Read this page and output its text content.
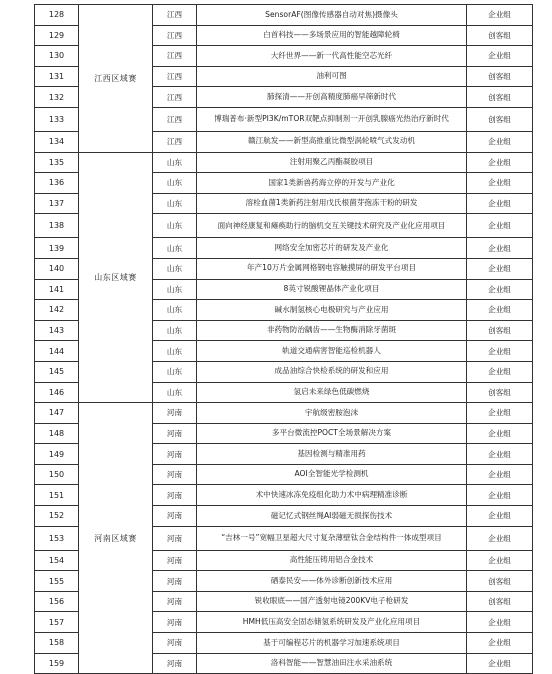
128	江西区域赛	江西	SensorAF(图像传感器自动对焦)摄像头	企业组
129		江西	白首科技——多场景应用的智能越障轮椅	创客组
130		江西	大纤世界——新一代高性能空芯光纤	企业组
131		江西	油利可图	创客组
132		江西	肺探清——开创高精度肺癌早筛新时代	创客组
133		江西	博瑞普布·新型PI3K/mTOR双靶点抑制剂一开创乳腺癌光热治疗新时代	创客组
134		江西	赣江航发——新型高推重比微型涡轮喷气式发动机	企业组
135	山东区域赛	山东	注射用聚乙丙酯凝胶项目	企业组
136		山东	国家1类新兽药海立停的开发与产业化	企业组
137		山东	溶栓血菌1类新药注射用戊氏根菌芽孢冻干粉的研发	企业组
138		山东	面向神经康复和瘫痪助行的脑机交互关键技术研究及产业化应用项目	企业组
139		山东	网络安全加密芯片的研发及产业化	企业组
140		山东	年产10万片金属网格钢电容触摸屏的研发平台项目	企业组
141		山东	8英寸锐酸锂晶体产业化项目	企业组
142		山东	碱水制氢核心电极研究与产业应用	企业组
143		山东	非药物防治龋齿——生物酶消除牙菌斑	创客组
144		山东	轨道交通病害智能巡检机器人	企业组
145		山东	成品油综合快检系统的研发和应用	企业组
146		山东	氢启未来绿色低碳燃烧	创客组
147	河南区域赛	河南	宇航级密胺泡沫	企业组
148		河南	多平台微流控POCT全场景解决方案	企业组
149		河南	基因检测与精准用药	企业组
150		河南	AOI全智能光学检测机	企业组
151		河南	术中快速冰冻免疫组化助力术中病理精准诊断	企业组
152		河南	磁记忆式钢丝绳AI弱磁无损探伤技术	企业组
153		河南	“吉林一号”宽幅卫星超大尺寸复杂薄壁钛合金结构件一体成型项目	企业组
154		河南	高性能压铸用铝合金技术	企业组
155		河南	硒泰民安——体外诊断创新技术应用	创客组
156		河南	锐收眼底——国产透射电镜200KV电子枪研发	创客组
157		河南	HMH低压高安全固态储氢系统研发及产业化应用项目	企业组
158		河南	基于可编程芯片的机器学习加速系统项目	企业组
159		河南	洛科智能——智慧油田注水采油系统	企业组
